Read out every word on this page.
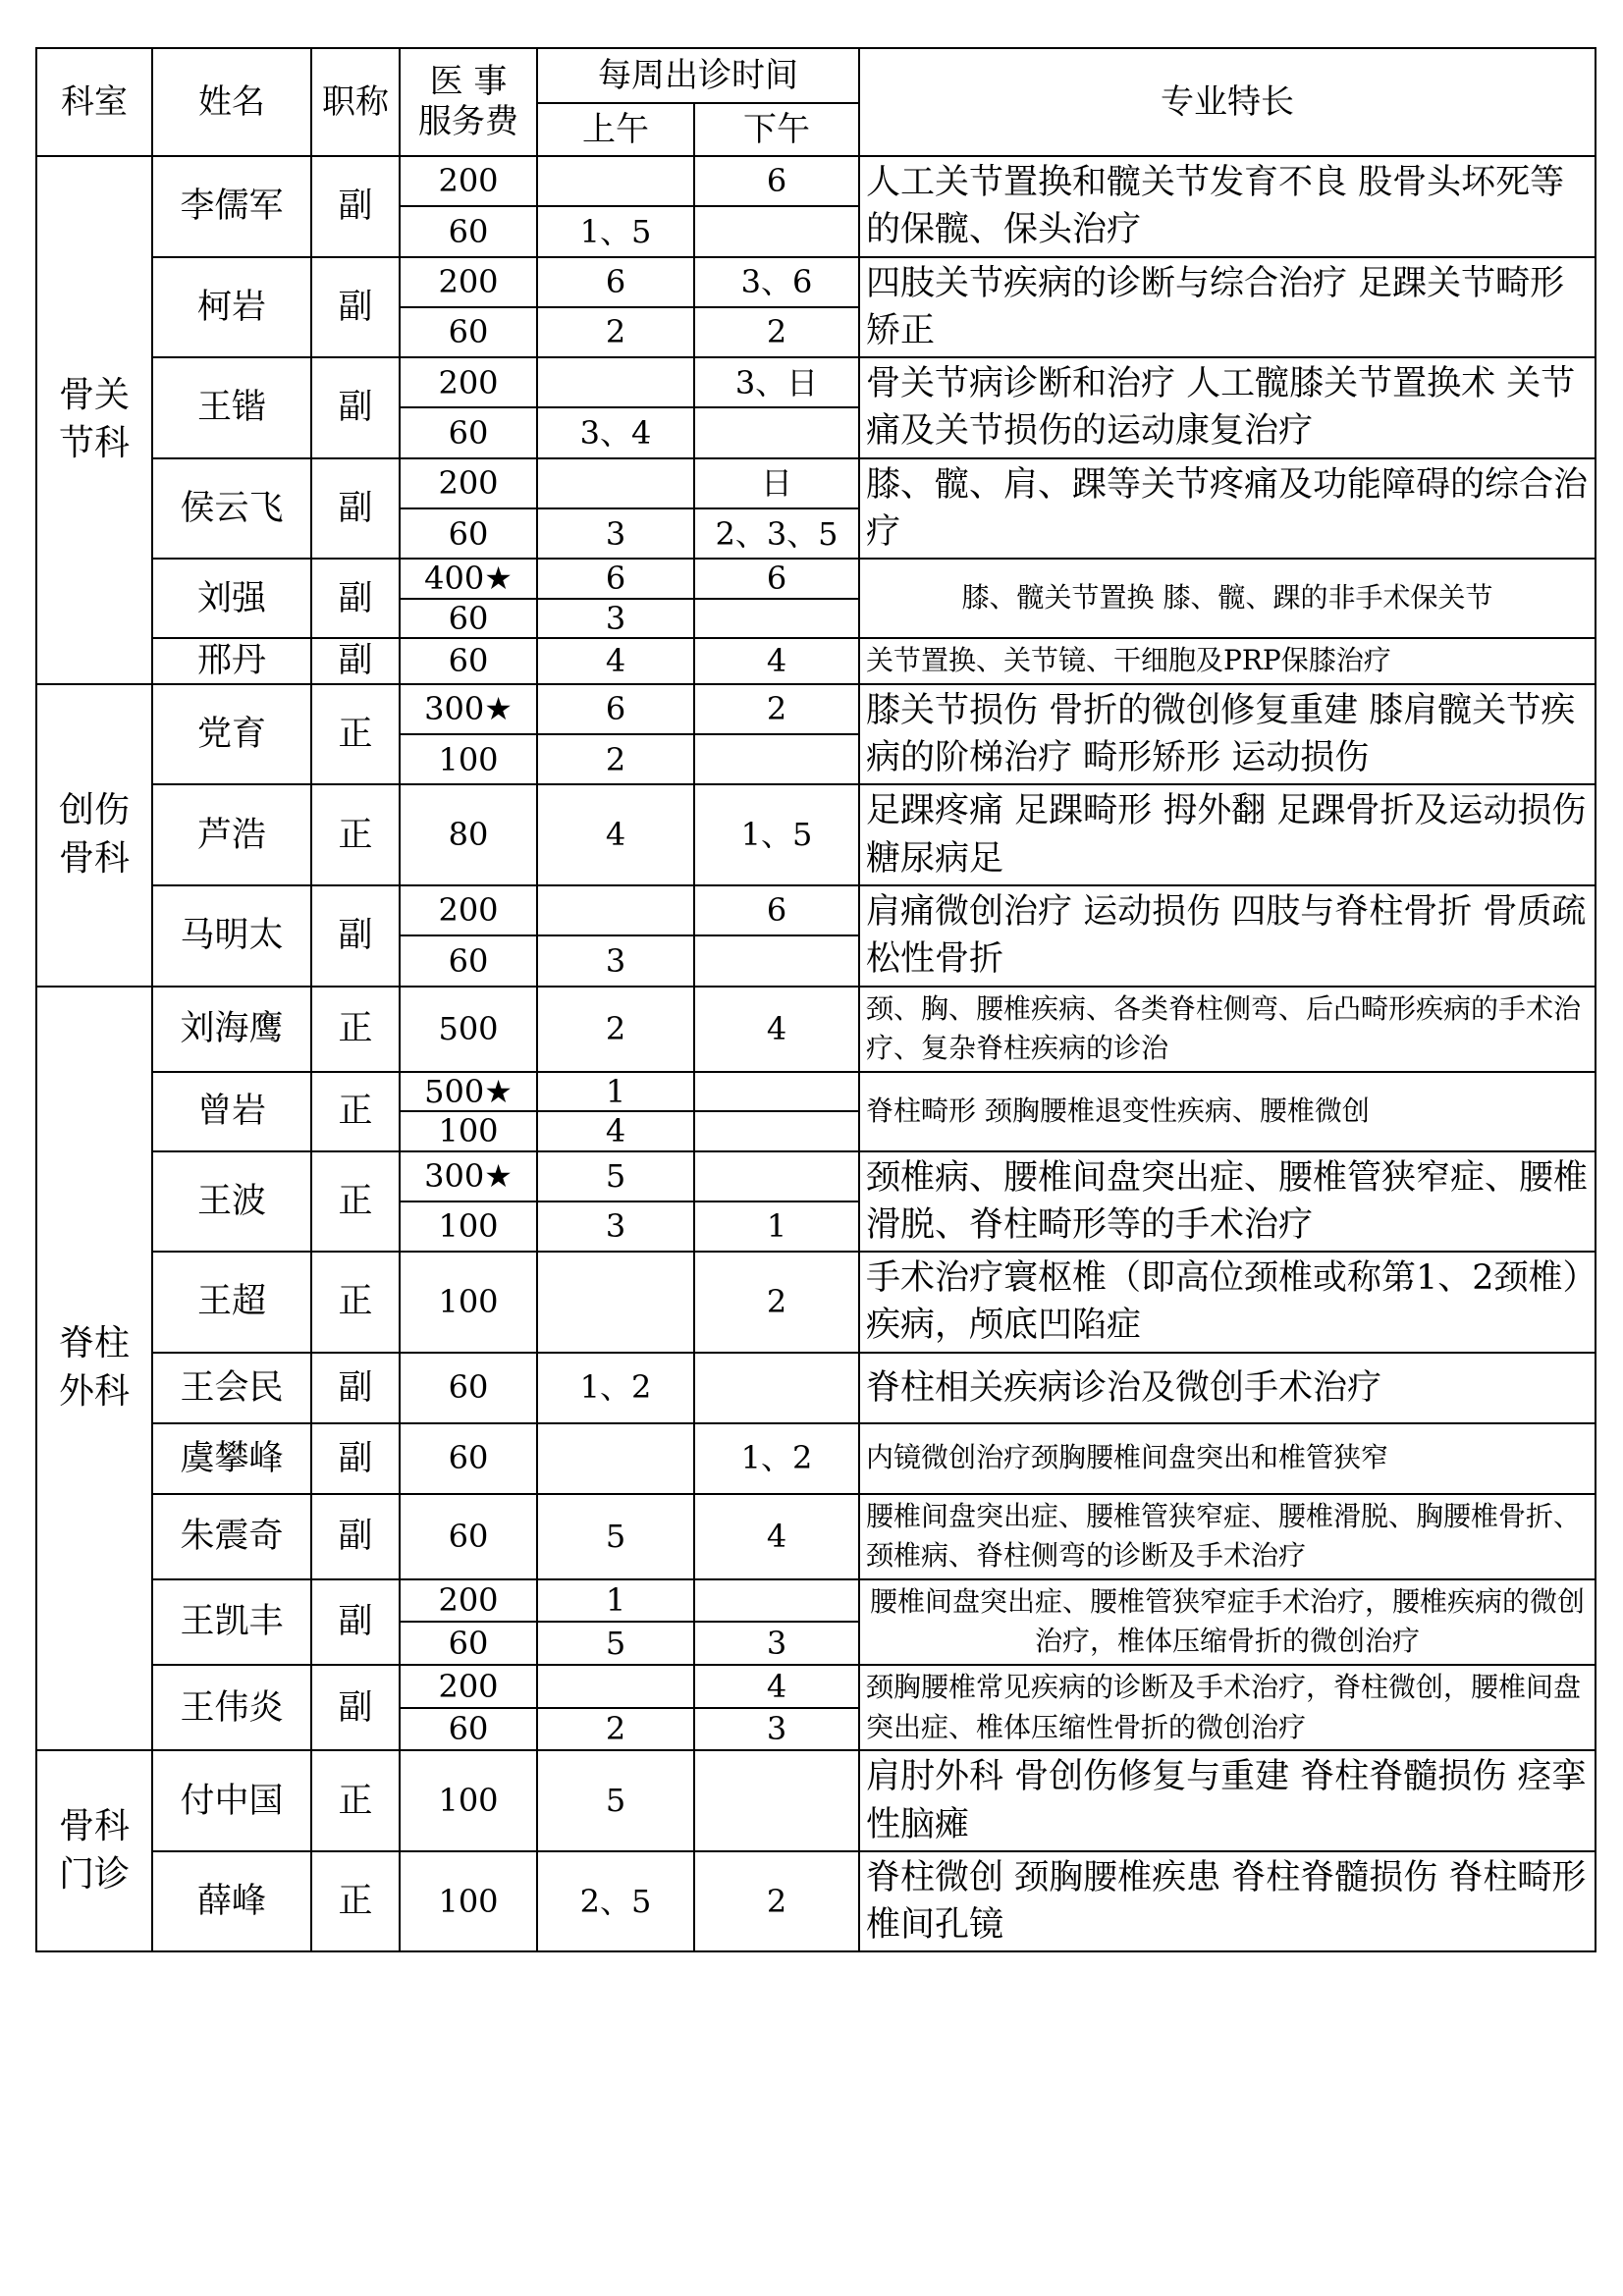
科室	姓名	职称	医 事
服务费	每周出诊时间		专业特长
				上午	下午	
骨关
节科	李儒军	副	200		6	人工关节置换和髋关节发育不良 股骨头坏死等的保髋、保头治疗
			60	1、5		
	柯岩	副	200	6	3、6	四肢关节疾病的诊断与综合治疗 足踝关节畸形矫正
			60	2	2	
	王锴	副	200		3、日	骨关节病诊断和治疗 人工髋膝关节置换术 关节痛及关节损伤的运动康复治疗
			60	3、4		
	侯云飞	副	200		日	膝、髋、肩、踝等关节疼痛及功能障碍的综合治疗
			60	3	2、3、5	
	刘强	副	400★	6	6	膝、髋关节置换 膝、髋、踝的非手术保关节
			60	3		
	邢丹	副	60	4	4	关节置换、关节镜、干细胞及PRP保膝治疗
创伤
骨科	党育	正	300★	6	2	膝关节损伤 骨折的微创修复重建 膝肩髋关节疾病的阶梯治疗 畸形矫形 运动损伤
			100	2		
	芦浩	正	80	4	1、5	足踝疼痛 足踝畸形 拇外翻 足踝骨折及运动损伤 糖尿病足
	马明太	副	200		6	肩痛微创治疗 运动损伤 四肢与脊柱骨折 骨质疏松性骨折
			60	3		
脊柱
外科	刘海鹰	正	500	2	4	颈、胸、腰椎疾病、各类脊柱侧弯、后凸畸形疾病的手术治疗、复杂脊柱疾病的诊治
	曾岩	正	500★	1		脊柱畸形 颈胸腰椎退变性疾病、腰椎微创
			100	4		
	王波	正	300★	5		颈椎病、腰椎间盘突出症、腰椎管狭窄症、腰椎滑脱、脊柱畸形等的手术治疗
			100	3	1	
	王超	正	100		2	手术治疗寰枢椎（即高位颈椎或称第1、2颈椎）疾病，颅底凹陷症
	王会民	副	60	1、2		脊柱相关疾病诊治及微创手术治疗
	虞攀峰	副	60		1、2	内镜微创治疗颈胸腰椎间盘突出和椎管狭窄
	朱震奇	副	60	5	4	腰椎间盘突出症、腰椎管狭窄症、腰椎滑脱、胸腰椎骨折、颈椎病、脊柱侧弯的诊断及手术治疗
	王凯丰	副	200	1		腰椎间盘突出症、腰椎管狭窄症手术治疗，腰椎疾病的微创治疗，椎体压缩骨折的微创治疗
			60	5	3	
	王伟炎	副	200		4	颈胸腰椎常见疾病的诊断及手术治疗，脊柱微创，腰椎间盘突出症、椎体压缩性骨折的微创治疗
			60	2	3	
骨科
门诊	付中国	正	100	5		肩肘外科 骨创伤修复与重建 脊柱脊髓损伤 痉挛性脑瘫
	薛峰	正	100	2、5	2	脊柱微创 颈胸腰椎疾患 脊柱脊髓损伤 脊柱畸形 椎间孔镜
